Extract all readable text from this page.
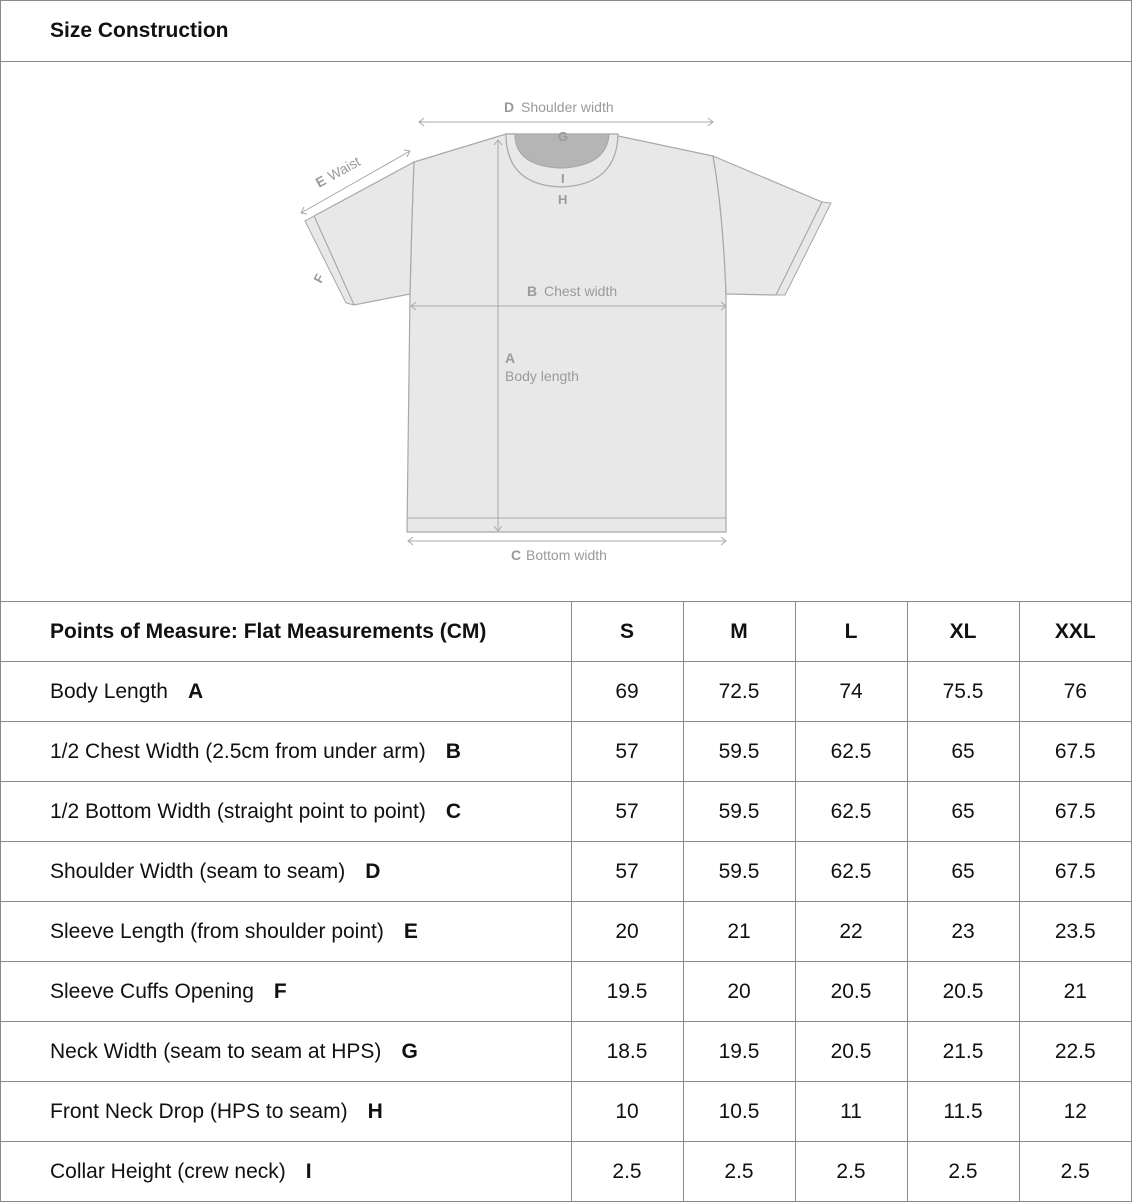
Size Construction
D Shoulder width
G
I
H
E
Waist
F
B Chest width
A
Body length
C Bottom width
Points of Measure: Flat Measurements (CM)	S	M	L	XL	XXL
Body Length A	69	72.5	74	75.5	76
1/2 Chest Width (2.5cm from under arm) B	57	59.5	62.5	65	67.5
1/2 Bottom Width (straight point to point) C	57	59.5	62.5	65	67.5
Shoulder Width (seam to seam) D	57	59.5	62.5	65	67.5
Sleeve Length (from shoulder point) E	20	21	22	23	23.5
Sleeve Cuffs Opening F	19.5	20	20.5	20.5	21
Neck Width (seam to seam at HPS) G	18.5	19.5	20.5	21.5	22.5
Front Neck Drop (HPS to seam) H	10	10.5	11	11.5	12
Collar Height (crew neck) I	2.5	2.5	2.5	2.5	2.5
